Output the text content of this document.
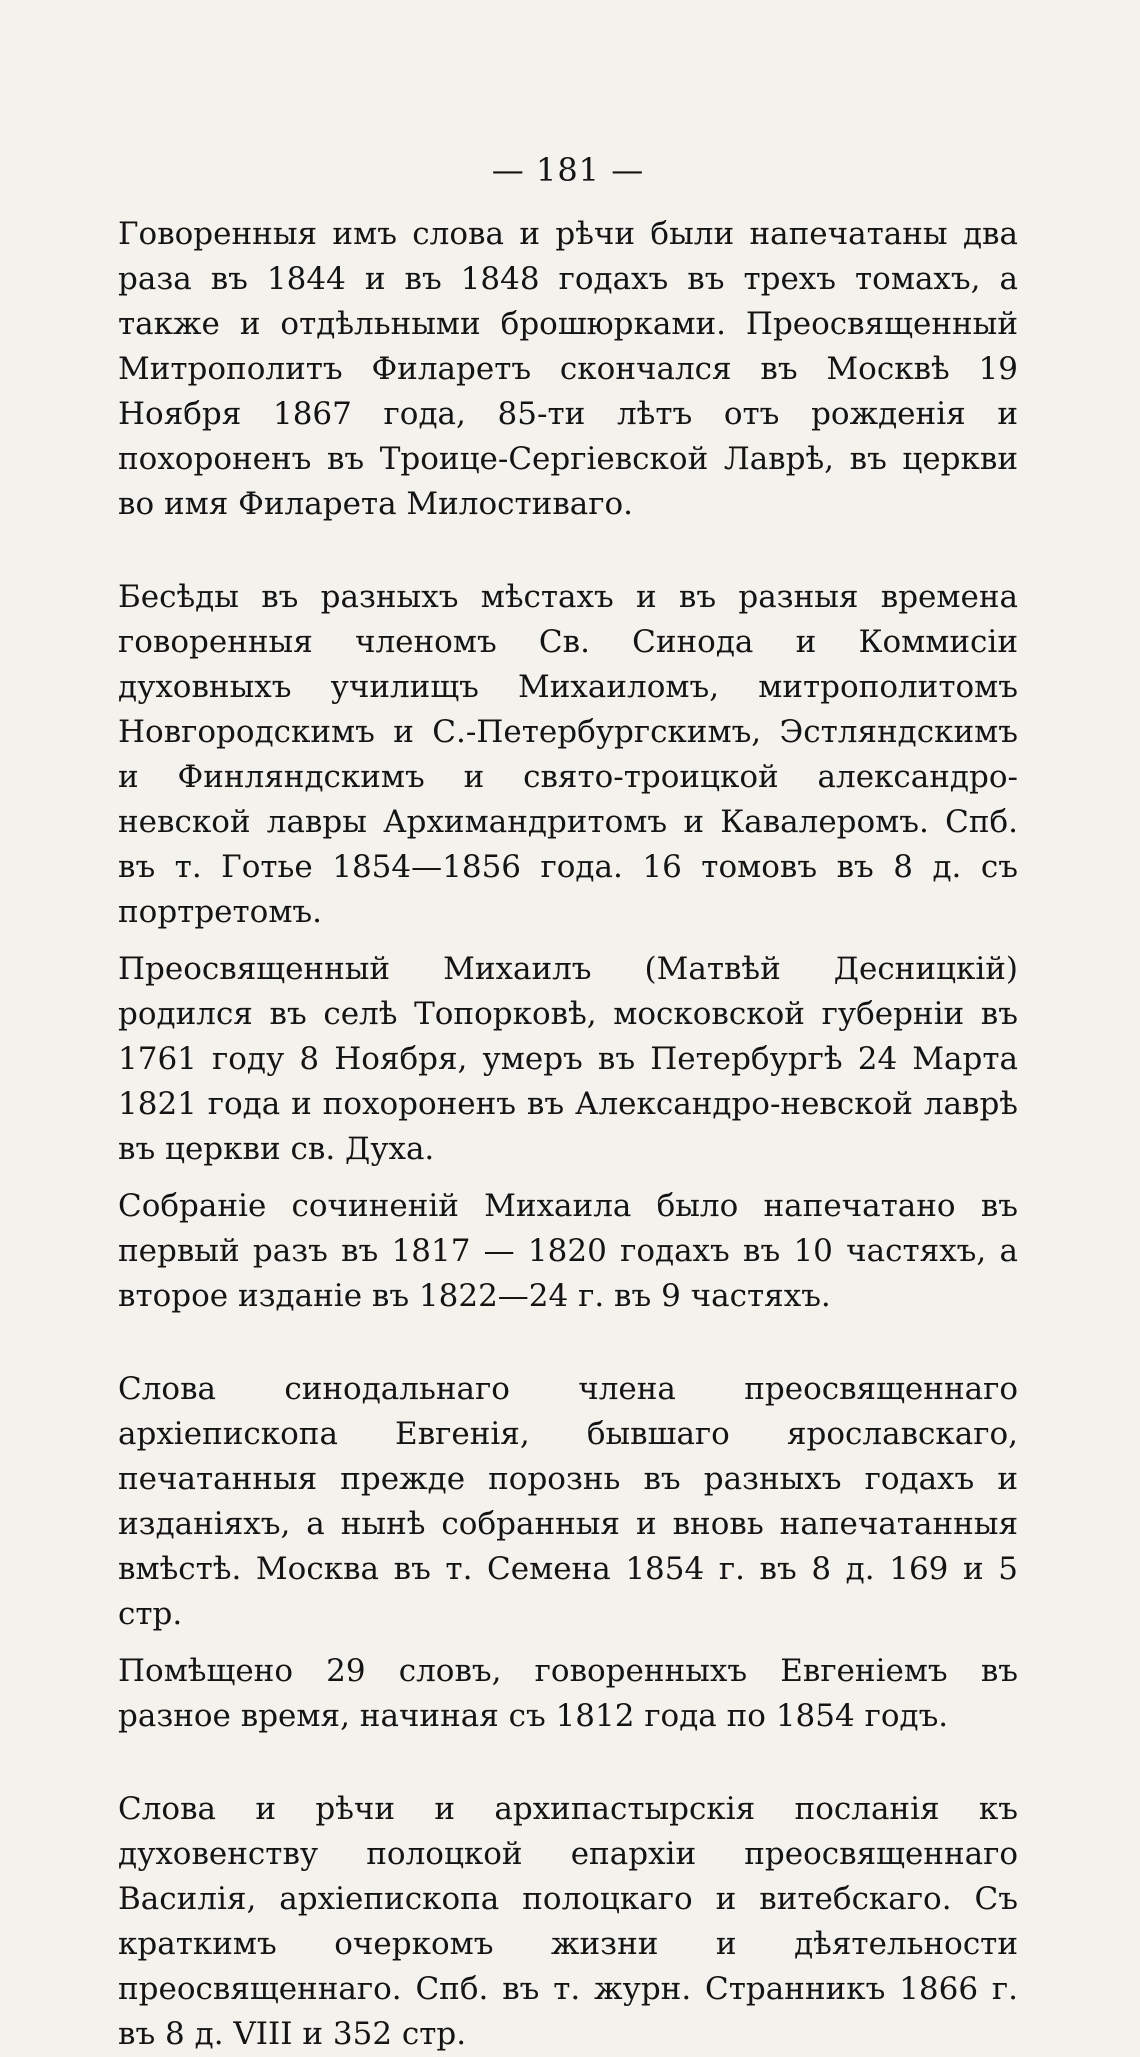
— 181 —

Говоренныя имъ слова и рѣчи были напечатаны два раза въ 1844 и въ 1848 годахъ въ трехъ томахъ, а также и отдѣльными брошюрками. Преосвященный Митрополитъ Филаретъ скончался въ Москвѣ 19 Ноября 1867 года, 85-ти лѣтъ отъ рожденія и похороненъ въ Троице-Сергіевской Лаврѣ, въ церкви во имя Филарета Милостиваго.

Бесѣды въ разныхъ мѣстахъ и въ разныя времена говоренныя членомъ Св. Синода и Коммисіи духовныхъ училищъ Михаиломъ, митрополитомъ Новгородскимъ и С.-Петербургскимъ, Эстляндскимъ и Финляндскимъ и свято-троицкой александро-невской лавры Архимандритомъ и Кавалеромъ. Спб. въ т. Готье 1854—1856 года. 16 томовъ въ 8 д. съ портретомъ.

Преосвященный Михаилъ (Матвѣй Десницкій) родился въ селѣ Топорковѣ, московской губерніи въ 1761 году 8 Ноября, умеръ въ Петербургѣ 24 Марта 1821 года и похороненъ въ Александро-невской лаврѣ въ церкви св. Духа.

Собраніе сочиненій Михаила было напечатано въ первый разъ въ 1817 — 1820 годахъ въ 10 частяхъ, а второе изданіе въ 1822—24 г. въ 9 частяхъ.

Слова синодальнаго члена преосвященнаго архіепископа Евгенія, бывшаго ярославскаго, печатанныя прежде порознь въ разныхъ годахъ и изданіяхъ, а нынѣ собранныя и вновь напечатанныя вмѣстѣ. Москва въ т. Семена 1854 г. въ 8 д. 169 и 5 стр.

Помѣщено 29 словъ, говоренныхъ Евгеніемъ въ разное время, начиная съ 1812 года по 1854 годъ.

Слова и рѣчи и архипастырскія посланія къ духовенству полоцкой епархіи преосвященнаго Василія, архіепископа полоцкаго и витебскаго. Съ краткимъ очеркомъ жизни и дѣятельности преосвященнаго. Спб. въ т. журн. Странникъ 1866 г. въ 8 д. VIII и 352 стр.
